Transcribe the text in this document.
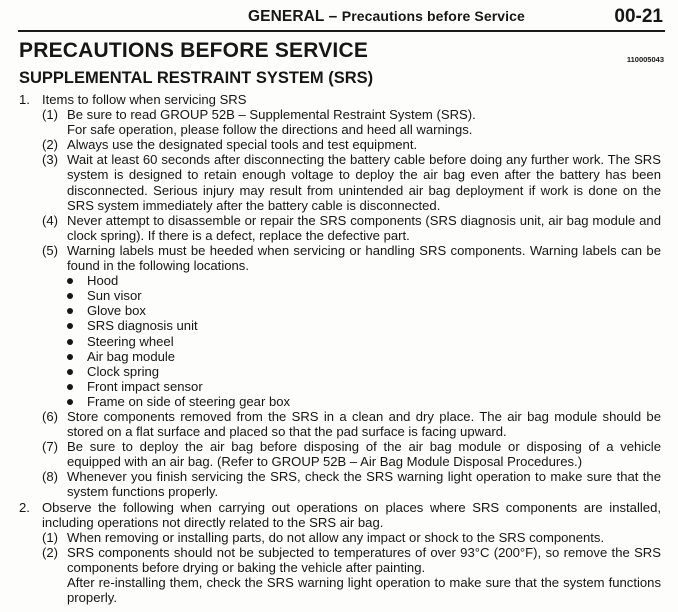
GENERAL – Precautions before Service	00-21
PRECAUTIONS BEFORE SERVICE	110005043
SUPPLEMENTAL RESTRAINT SYSTEM (SRS)
1. Items to follow when servicing SRS
(1) Be sure to read GROUP 52B – Supplemental Restraint System (SRS).
For safe operation, please follow the directions and heed all warnings.
(2) Always use the designated special tools and test equipment.
(3) Wait at least 60 seconds after disconnecting the battery cable before doing any further work. The SRS system is designed to retain enough voltage to deploy the air bag even after the battery has been disconnected. Serious injury may result from unintended air bag deployment if work is done on the SRS system immediately after the battery cable is disconnected.
(4) Never attempt to disassemble or repair the SRS components (SRS diagnosis unit, air bag module and clock spring). If there is a defect, replace the defective part.
(5) Warning labels must be heeded when servicing or handling SRS components. Warning labels can be found in the following locations.
Hood
Sun visor
Glove box
SRS diagnosis unit
Steering wheel
Air bag module
Clock spring
Front impact sensor
Frame on side of steering gear box
(6) Store components removed from the SRS in a clean and dry place. The air bag module should be stored on a flat surface and placed so that the pad surface is facing upward.
(7) Be sure to deploy the air bag before disposing of the air bag module or disposing of a vehicle equipped with an air bag. (Refer to GROUP 52B – Air Bag Module Disposal Procedures.)
(8) Whenever you finish servicing the SRS, check the SRS warning light operation to make sure that the system functions properly.
2. Observe the following when carrying out operations on places where SRS components are installed, including operations not directly related to the SRS air bag.
(1) When removing or installing parts, do not allow any impact or shock to the SRS components.
(2) SRS components should not be subjected to temperatures of over 93°C (200°F), so remove the SRS components before drying or baking the vehicle after painting.
After re-installing them, check the SRS warning light operation to make sure that the system functions properly.
